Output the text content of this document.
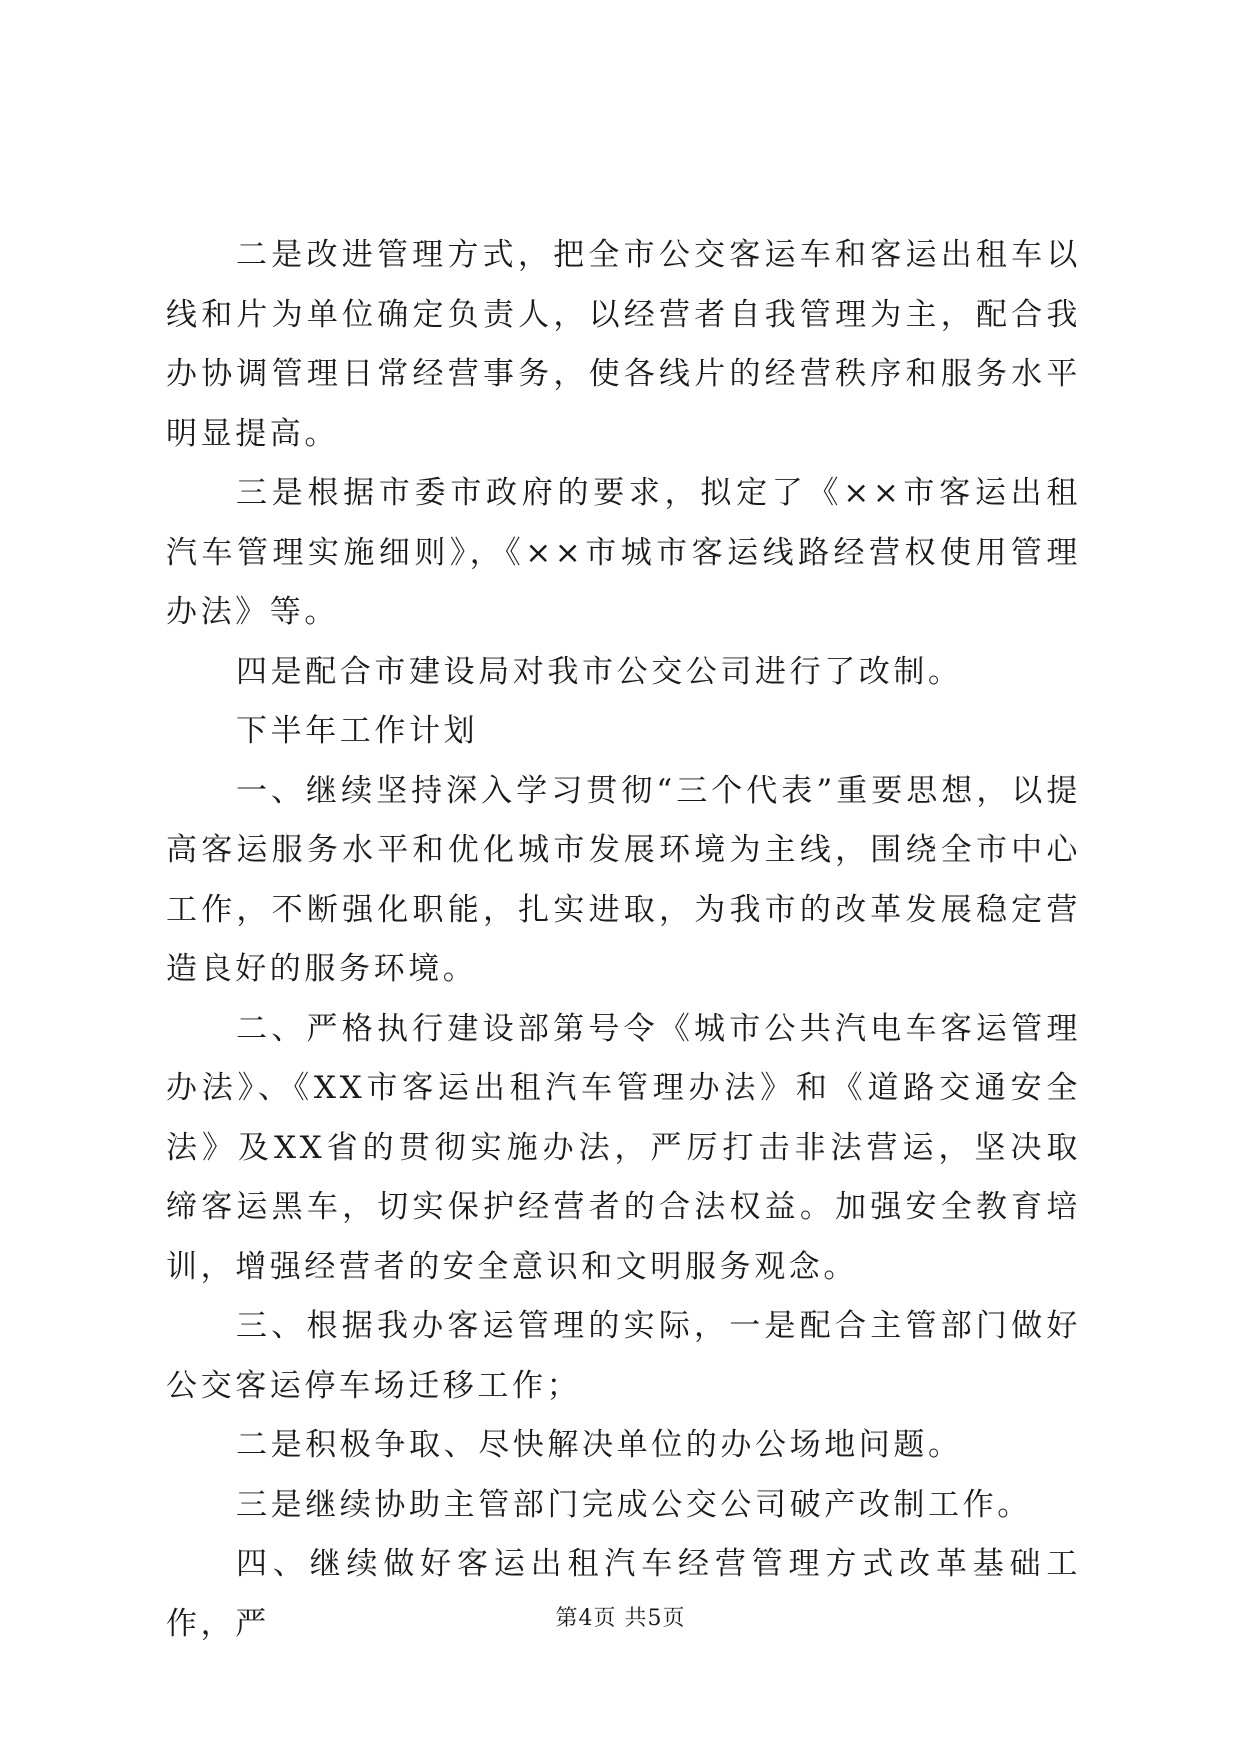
二是改进管理方式，把全市公交客运车和客运出租车以线和片为单位确定负责人，以经营者自我管理为主，配合我办协调管理日常经营事务，使各线片的经营秩序和服务水平明显提高。

三是根据市委市政府的要求，拟定了《××市客运出租汽车管理实施细则》，《××市城市客运线路经营权使用管理办法》等。

四是配合市建设局对我市公交公司进行了改制。

下半年工作计划

一、继续坚持深入学习贯彻“三个代表”重要思想，以提高客运服务水平和优化城市发展环境为主线，围绕全市中心工作，不断强化职能，扎实进取，为我市的改革发展稳定营造良好的服务环境。

二、严格执行建设部第号令《城市公共汽电车客运管理办法》、《XX市客运出租汽车管理办法》和《道路交通安全法》及XX省的贯彻实施办法，严厉打击非法营运，坚决取缔客运黑车，切实保护经营者的合法权益。加强安全教育培训，增强经营者的安全意识和文明服务观念。

三、根据我办客运管理的实际，一是配合主管部门做好公交客运停车场迁移工作；

二是积极争取、尽快解决单位的办公场地问题。

三是继续协助主管部门完成公交公司破产改制工作。

四、继续做好客运出租汽车经营管理方式改革基础工作，严	第4页 共5页
